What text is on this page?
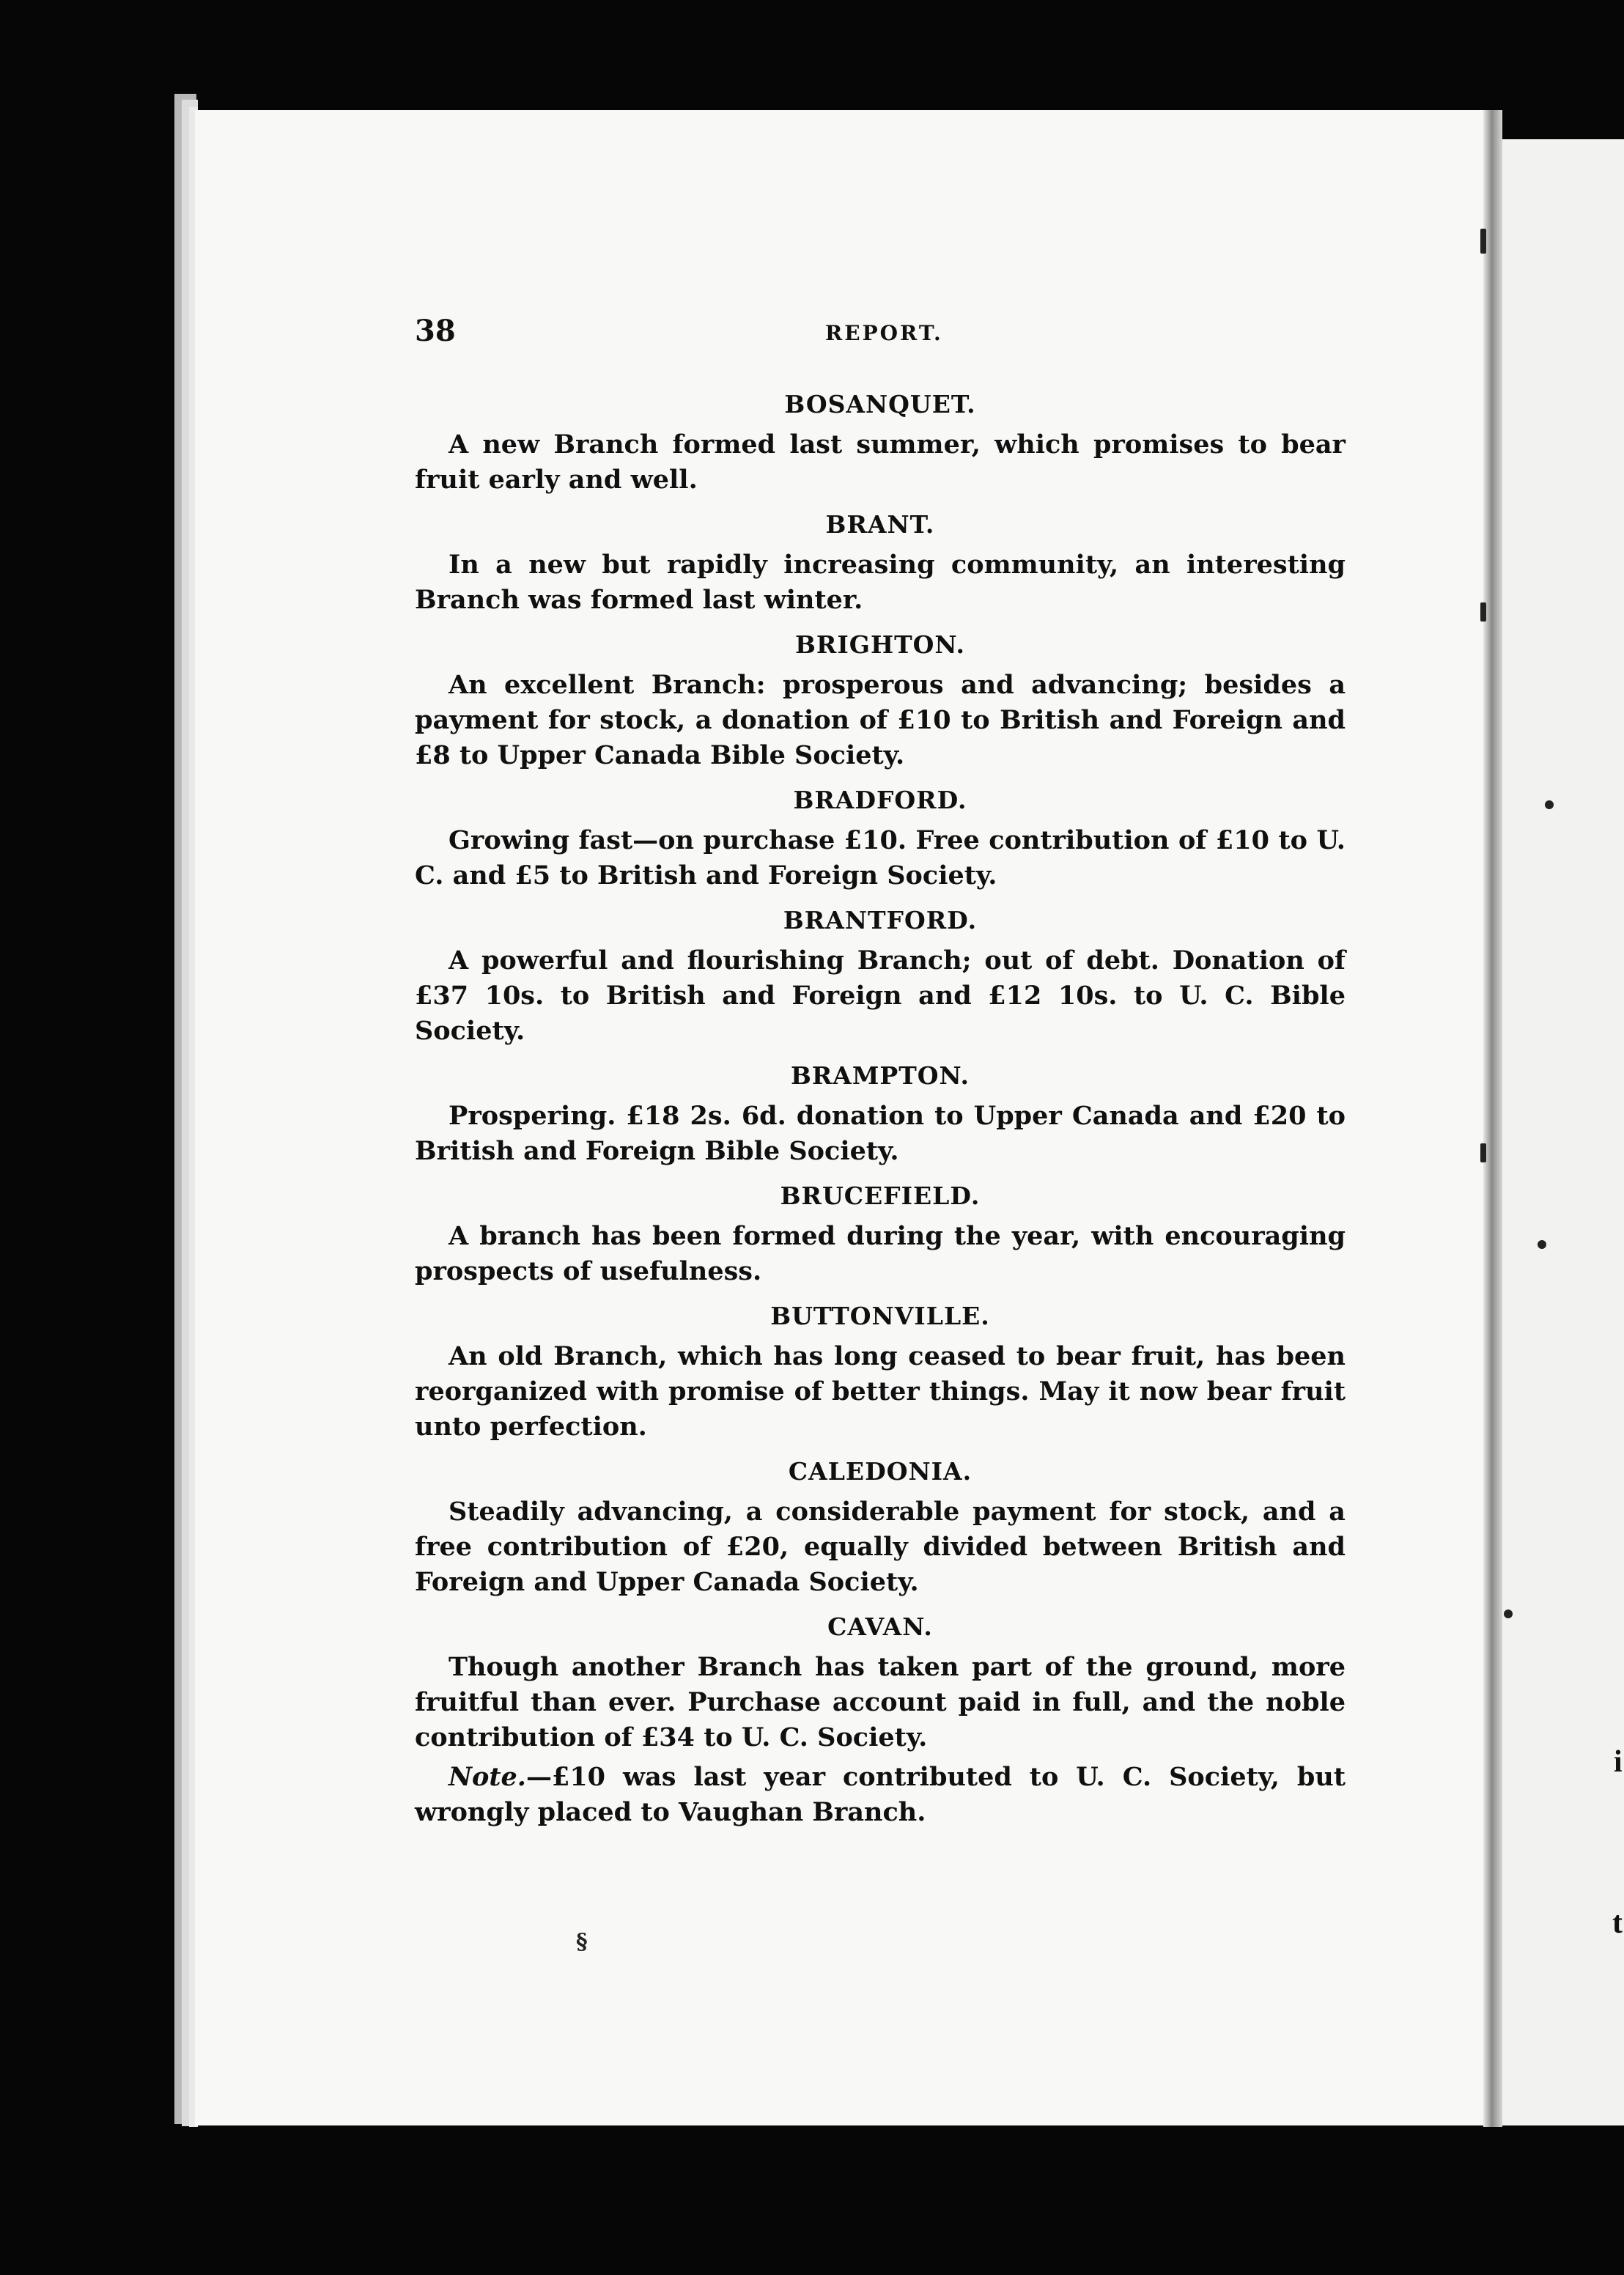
38	REPORT.
BOSANQUET.

A new Branch formed last summer, which promises to bear fruit early and well.

BRANT.

In a new but rapidly increasing community, an interesting Branch was formed last winter.

BRIGHTON.

An excellent Branch: prosperous and advancing; besides a payment for stock, a donation of £10 to British and Foreign and £8 to Upper Canada Bible Society.

BRADFORD.

Growing fast—on purchase £10. Free contribution of £10 to U. C. and £5 to British and Foreign Society.

BRANTFORD.

A powerful and flourishing Branch; out of debt. Donation of £37 10s. to British and Foreign and £12 10s. to U. C. Bible Society.

BRAMPTON.

Prospering. £18 2s. 6d. donation to Upper Canada and £20 to British and Foreign Bible Society.

BRUCEFIELD.

A branch has been formed during the year, with encouraging prospects of usefulness.

BUTTONVILLE.

An old Branch, which has long ceased to bear fruit, has been reorganized with promise of better things. May it now bear fruit unto perfection.

CALEDONIA.

Steadily advancing, a considerable payment for stock, and a free contribution of £20, equally divided between British and Foreign and Upper Canada Society.

CAVAN.

Though another Branch has taken part of the ground, more fruitful than ever. Purchase account paid in full, and the noble contribution of £34 to U. C. Society.

Note.—£10 was last year contributed to U. C. Society, but wrongly placed to Vaughan Branch.

§
i
t
